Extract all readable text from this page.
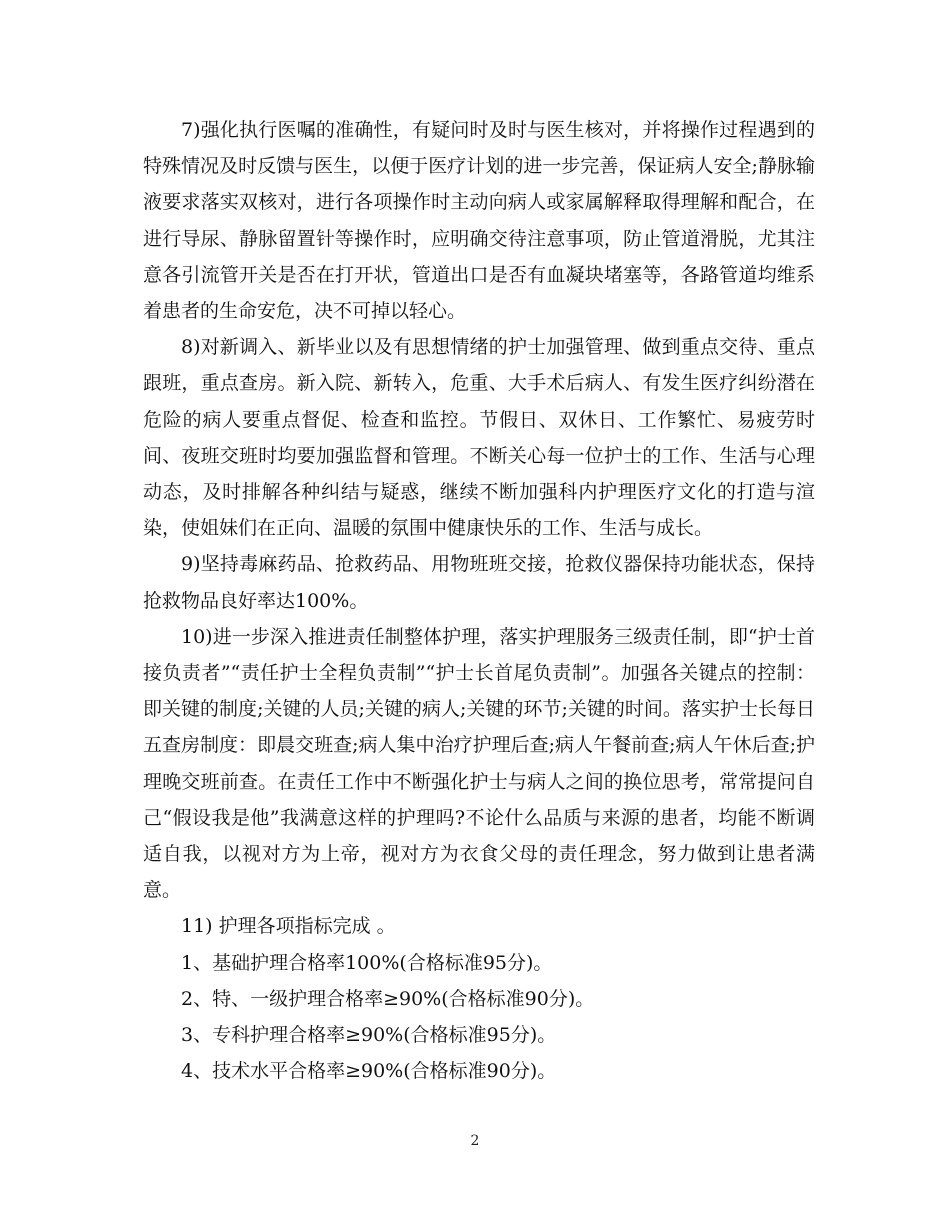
7)强化执行医嘱的准确性，有疑问时及时与医生核对，并将操作过程遇到的特殊情况及时反馈与医生，以便于医疗计划的进一步完善，保证病人安全;静脉输液要求落实双核对，进行各项操作时主动向病人或家属解释取得理解和配合，在进行导尿、静脉留置针等操作时，应明确交待注意事项，防止管道滑脱，尤其注意各引流管开关是否在打开状，管道出口是否有血凝块堵塞等，各路管道均维系着患者的生命安危，决不可掉以轻心。

8)对新调入、新毕业以及有思想情绪的护士加强管理、做到重点交待、重点跟班，重点查房。新入院、新转入，危重、大手术后病人、有发生医疗纠纷潜在危险的病人要重点督促、检查和监控。节假日、双休日、工作繁忙、易疲劳时间、夜班交班时均要加强监督和管理。不断关心每一位护士的工作、生活与心理动态，及时排解各种纠结与疑惑，继续不断加强科内护理医疗文化的打造与渲染，使姐妹们在正向、温暖的氛围中健康快乐的工作、生活与成长。

9)坚持毒麻药品、抢救药品、用物班班交接，抢救仪器保持功能状态，保持抢救物品良好率达100%。

10)进一步深入推进责任制整体护理，落实护理服务三级责任制，即“护士首接负责者”“责任护士全程负责制”“护士长首尾负责制”。加强各关键点的控制：即关键的制度;关键的人员;关键的病人;关键的环节;关键的时间。落实护士长每日五查房制度：即晨交班查;病人集中治疗护理后查;病人午餐前查;病人午休后查;护理晚交班前查。在责任工作中不断强化护士与病人之间的换位思考，常常提问自己“假设我是他”我满意这样的护理吗?不论什么品质与来源的患者，均能不断调适自我，以视对方为上帝，视对方为衣食父母的责任理念，努力做到让患者满意。

11) 护理各项指标完成 。

1、基础护理合格率100%(合格标准95分)。

2、特、一级护理合格率≥90%(合格标准90分)。

3、专科护理合格率≥90%(合格标准95分)。

4、技术水平合格率≥90%(合格标准90分)。

2
